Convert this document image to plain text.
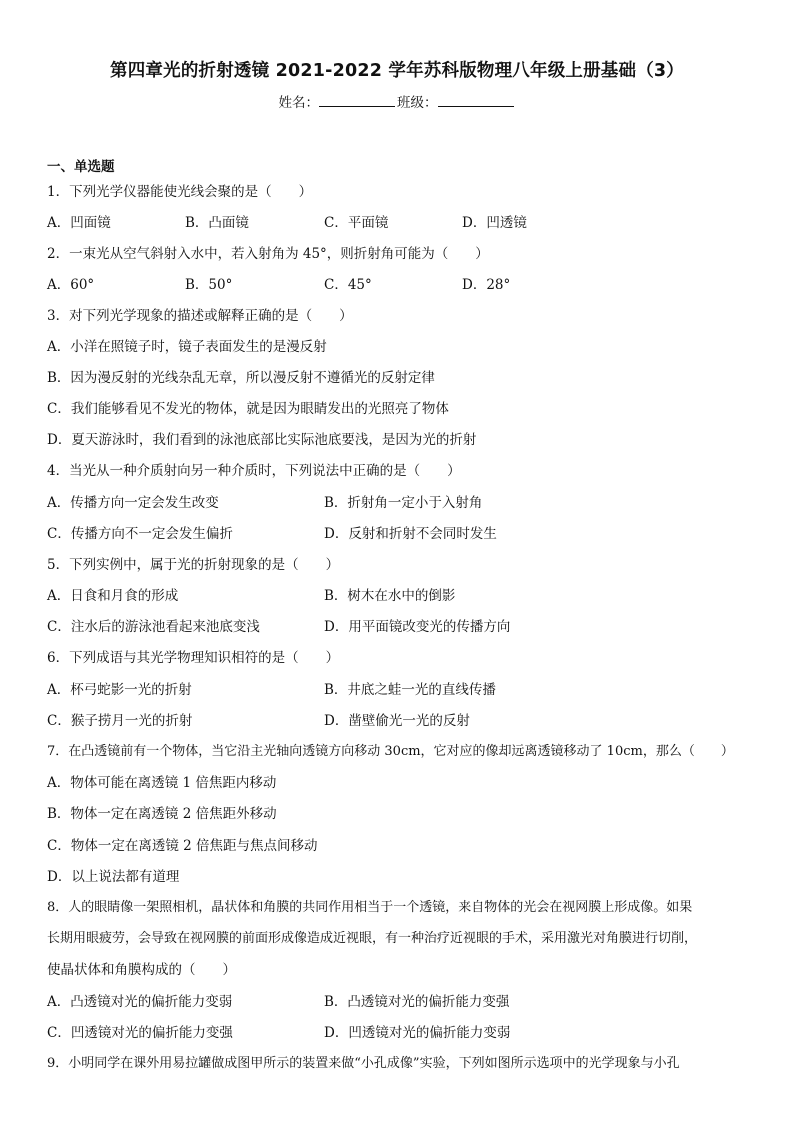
第四章光的折射透镜 2021-2022 学年苏科版物理八年级上册基础（3）
姓名：	班级：
一、单选题
1．下列光学仪器能使光线会聚的是（　　）
A．凹面镜	B．凸面镜	C．平面镜	D．凹透镜
2．一束光从空气斜射入水中，若入射角为 45°，则折射角可能为（　　）
A．60°	B．50°	C．45°	D．28°
3．对下列光学现象的描述或解释正确的是（　　）
A．小洋在照镜子时，镜子表面发生的是漫反射
B．因为漫反射的光线杂乱无章，所以漫反射不遵循光的反射定律
C．我们能够看见不发光的物体，就是因为眼睛发出的光照亮了物体
D．夏天游泳时，我们看到的泳池底部比实际池底要浅，是因为光的折射
4．当光从一种介质射向另一种介质时，下列说法中正确的是（　　）
A．传播方向一定会发生改变	B．折射角一定小于入射角
C．传播方向不一定会发生偏折	D．反射和折射不会同时发生
5．下列实例中，属于光的折射现象的是（　　）
A．日食和月食的形成	B．树木在水中的倒影
C．注水后的游泳池看起来池底变浅	D．用平面镜改变光的传播方向
6．下列成语与其光学物理知识相符的是（　　）
A．杯弓蛇影一光的折射	B．井底之蛙一光的直线传播
C．猴子捞月一光的折射	D．凿壁偷光一光的反射
7．在凸透镜前有一个物体，当它沿主光轴向透镜方向移动 30cm，它对应的像却远离透镜移动了 10cm，那么（　　）
A．物体可能在离透镜 1 倍焦距内移动
B．物体一定在离透镜 2 倍焦距外移动
C．物体一定在离透镜 2 倍焦距与焦点间移动
D．以上说法都有道理
8．人的眼睛像一架照相机，晶状体和角膜的共同作用相当于一个透镜，来自物体的光会在视网膜上形成像。如果
长期用眼疲劳，会导致在视网膜的前面形成像造成近视眼，有一种治疗近视眼的手术，采用激光对角膜进行切削，
使晶状体和角膜构成的（　　）
A．凸透镜对光的偏折能力变弱	B．凸透镜对光的偏折能力变强
C．凹透镜对光的偏折能力变强	D．凹透镜对光的偏折能力变弱
9．小明同学在课外用易拉罐做成图甲所示的装置来做“小孔成像”实验，下列如图所示选项中的光学现象与小孔
